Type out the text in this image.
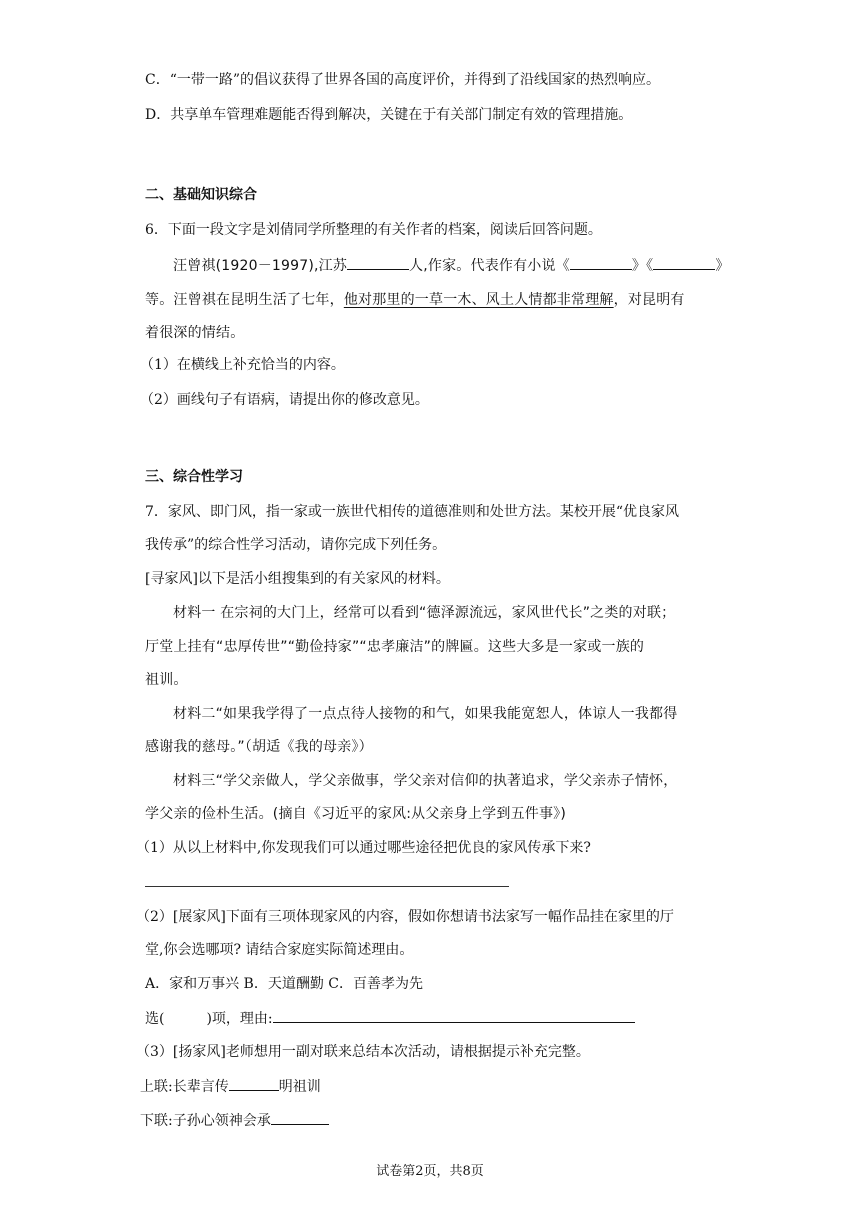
C．“一带一路”的倡议获得了世界各国的高度评价，并得到了沿线国家的热烈响应。
D．共享单车管理难题能否得到解决，关键在于有关部门制定有效的管理措施。
二、基础知识综合
6．下面一段文字是刘倩同学所整理的有关作者的档案，阅读后回答问题。
汪曾祺(1920－1997),江苏	人,作家。代表作有小说《	》《	》
等。汪曾祺在昆明生活了七年，他对那里的一草一木、风土人情都非常理解，对昆明有
着很深的情结。
（1）在横线上补充恰当的内容。
（2）画线句子有语病，请提出你的修改意见。
三、综合性学习
7．家风、即门风，指一家或一族世代相传的道德准则和处世方法。某校开展“优良家风
我传承”的综合性学习活动，请你完成下列任务。
[寻家风]以下是活小组搜集到的有关家风的材料。
材料一 在宗祠的大门上，经常可以看到“德泽源流远，家风世代长”之类的对联；
厅堂上挂有“忠厚传世”“勤俭持家”“忠孝廉洁”的牌匾。这些大多是一家或一族的
祖训。
材料二“如果我学得了一点点待人接物的和气，如果我能宽恕人，体谅人一我都得
感谢我的慈母。”（胡适《我的母亲》）
材料三“学父亲做人，学父亲做事，学父亲对信仰的执著追求，学父亲赤子情怀，
学父亲的俭朴生活。(摘自《习近平的家风:从父亲身上学到五件事》)
（1）从以上材料中,你发现我们可以通过哪些途径把优良的家风传承下来?
（2）[展家风]下面有三项体现家风的内容，假如你想请书法家写一幅作品挂在家里的厅
堂,你会选哪项? 请结合家庭实际简述理由。
A．家和万事兴 B．天道酬勤 C．百善孝为先
选(	)项，理由:
（3）[扬家风]老师想用一副对联来总结本次活动，请根据提示补充完整。
上联:长辈言传	明祖训
下联:子孙心领神会承
试卷第2页，共8页
